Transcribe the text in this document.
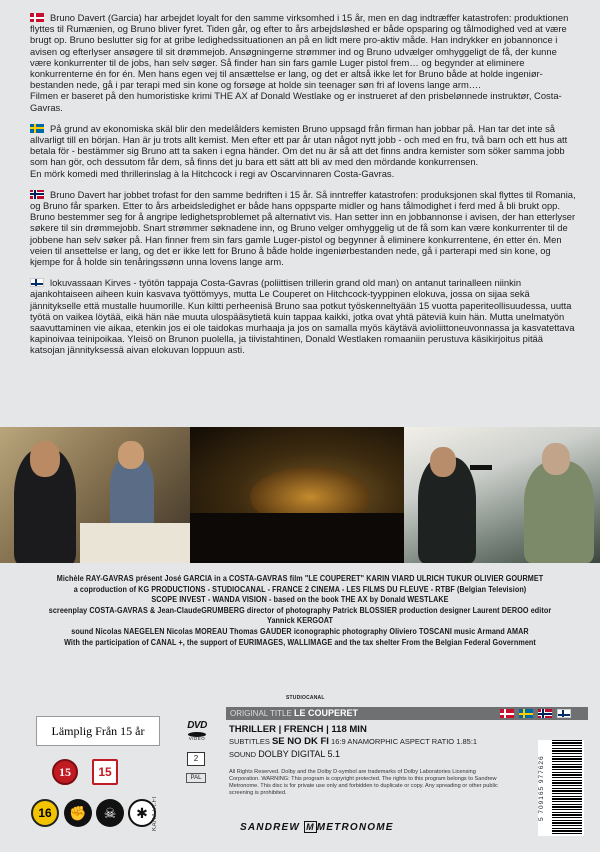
Bruno Davert (Garcia) har arbejdet loyalt for den samme virksomhed i 15 år, men en dag indtræffer katastrofen: produktionen flyttes til Rumænien, og Bruno bliver fyret. Tiden går, og efter to års arbejdsløshed er både opsparing og tålmodighed ved at være brugt op. Bruno beslutter sig for at gribe ledighedssituationen an på en lidt mere pro-aktiv måde. Han indrykker en jobannonce i avisen og efterlyser ansøgere til sit drømmejob. Ansøgningerne strømmer ind og Bruno udvælger omhyggeligt de få, der kunne være konkurrenter til de jobs, han selv søger. Så finder han sin fars gamle Luger pistol frem… og begynder at eliminere konkurrenterne én for én. Men hans egen vej til ansættelse er lang, og det er altså ikke let for Bruno både at holde ingeniør-bestanden nede, gå i par terapi med sin kone og forsøge at holde sin teenager søn fri af lovens lange arm….

Filmen er baseret på den humoristiske krimi THE AX af Donald Westlake og er instrueret af den prisbelønnede instruktør, Costa-Gavras.

På grund av ekonomiska skäl blir den medelålders kemisten Bruno uppsagd från firman han jobbar på. Han tar det inte så allvarligt till en början. Han är ju trots allt kemist. Men efter ett par år utan något nytt jobb - och med en fru, två barn och ett hus att betala för - bestämmer sig Bruno att ta saken i egna händer. Om det nu är så att det finns andra kemister som söker samma jobb som han gör, och dessutom får dem, så finns det ju bara ett sätt att bli av med den mördande konkurrensen.

En mörk komedi med thrillerinslag à la Hitchcock i regi av Oscarvinnaren Costa-Gavras.

Bruno Davert har jobbet trofast for den samme bedriften i 15 år. Så inntreffer katastrofen: produksjonen skal flyttes til Romania, og Bruno får sparken. Etter to års arbeidsledighet er både hans oppsparte midler og hans tålmodighet i ferd med å bli brukt opp. Bruno bestemmer seg for å angripe ledighetsproblemet på alternativt vis. Han setter inn en jobbannonse i avisen, der han etterlyser søkere til sin drømmejobb. Snart strømmer søknadene inn, og Bruno velger omhyggelig ut de få som kan være konkurrenter til de jobbene han selv søker på. Han finner frem sin fars gamle Luger-pistol og begynner å eliminere konkurrentene, én etter én. Men veien til ansettelse er lang, og det er ikke lett for Bruno å både holde ingeniørbestanden nede, gå i parterapi med sin kone, og kjempe for å holde sin tenåringssønn unna lovens lange arm.

lokuvassaan Kirves - työtön tappaja Costa-Gavras (poliittisen trillerin grand old man) on antanut tarinalleen niinkin ajankohtaiseen aiheen kuin kasvava työttömyys, mutta Le Couperet on Hitchcock-tyyppinen elokuva, jossa on sijaa sekä jännitykselle että mustalle huumorille. Kun kiltti perheenisä Bruno saa potkut työskenneltyään 15 vuotta paperiteollisuudessa, uutta työtä on vaikea löytää, eikä hän näe muuta ulospääsytietä kuin tappaa kaikki, jotka ovat yhtä päteviä kuin hän. Mutta unelmatyön saavuttaminen vie aikaa, etenkin jos ei ole taidokas murhaaja ja jos on samalla myös käytävä avioliittoneuvonnassa ja kasvatettava kapinoivaa teinipoikaa. Yleisö on Brunon puolella, ja tiivistahtinen, Donald Westlaken romaaniin perustuva käsikirjoitus pitää katsojan jännityksessä aivan elokuvan loppuun asti.

Michèle RAY-GAVRAS présent José GARCIA in a COSTA-GAVRAS film "LE COUPERET" KARIN VIARD ULRICH TUKUR OLIVIER GOURMET
a coproduction of KG PRODUCTIONS - STUDIOCANAL - FRANCE 2 CINEMA - LES FILMS DU FLEUVE - RTBF (Belgian Television)
SCOPE INVEST - WANDA VISION - based on the book THE AX by Donald WESTLAKE
screenplay COSTA-GAVRAS & Jean-ClaudeGRUMBERG director of photography Patrick BLOSSIER production designer Laurent DEROO editor Yannick KERGOAT
sound Nicolas NAEGELEN Nicolas MOREAU Thomas GAUDER iconographic photography Oliviero TOSCANI music Armand AMAR
With the participation of CANAL +, the support of EURIMAGES, WALLIMAGE and the tax shelter From the Belgian Federal Government
STUDIOCANAL
Lämplig Från 15 år
15	15
16	✊	☠	✱ KARAJA.FI
DVD
VIDEO
2
PAL
ORIGINAL TITLE LE COUPERET
THRILLER | FRENCH | 118 MIN
SUBTITLES SE NO DK FI 16:9 ANAMORPHIC ASPECT RATIO 1.85:1
SOUND DOLBY DIGITAL 5.1
All Rights Reserved. Dolby and the Dolby D-symbol are trademarks of Dolby Laboratories Licensing Corporation. WARNING: This program is copyright protected. The rights to this program belongs to Sandrew Metronome. This disc is for private use only and forbidden to duplicate or copy. Any spreading or other public screening is prohibited.
SANDREW M METRONOME
5 709165 977626
